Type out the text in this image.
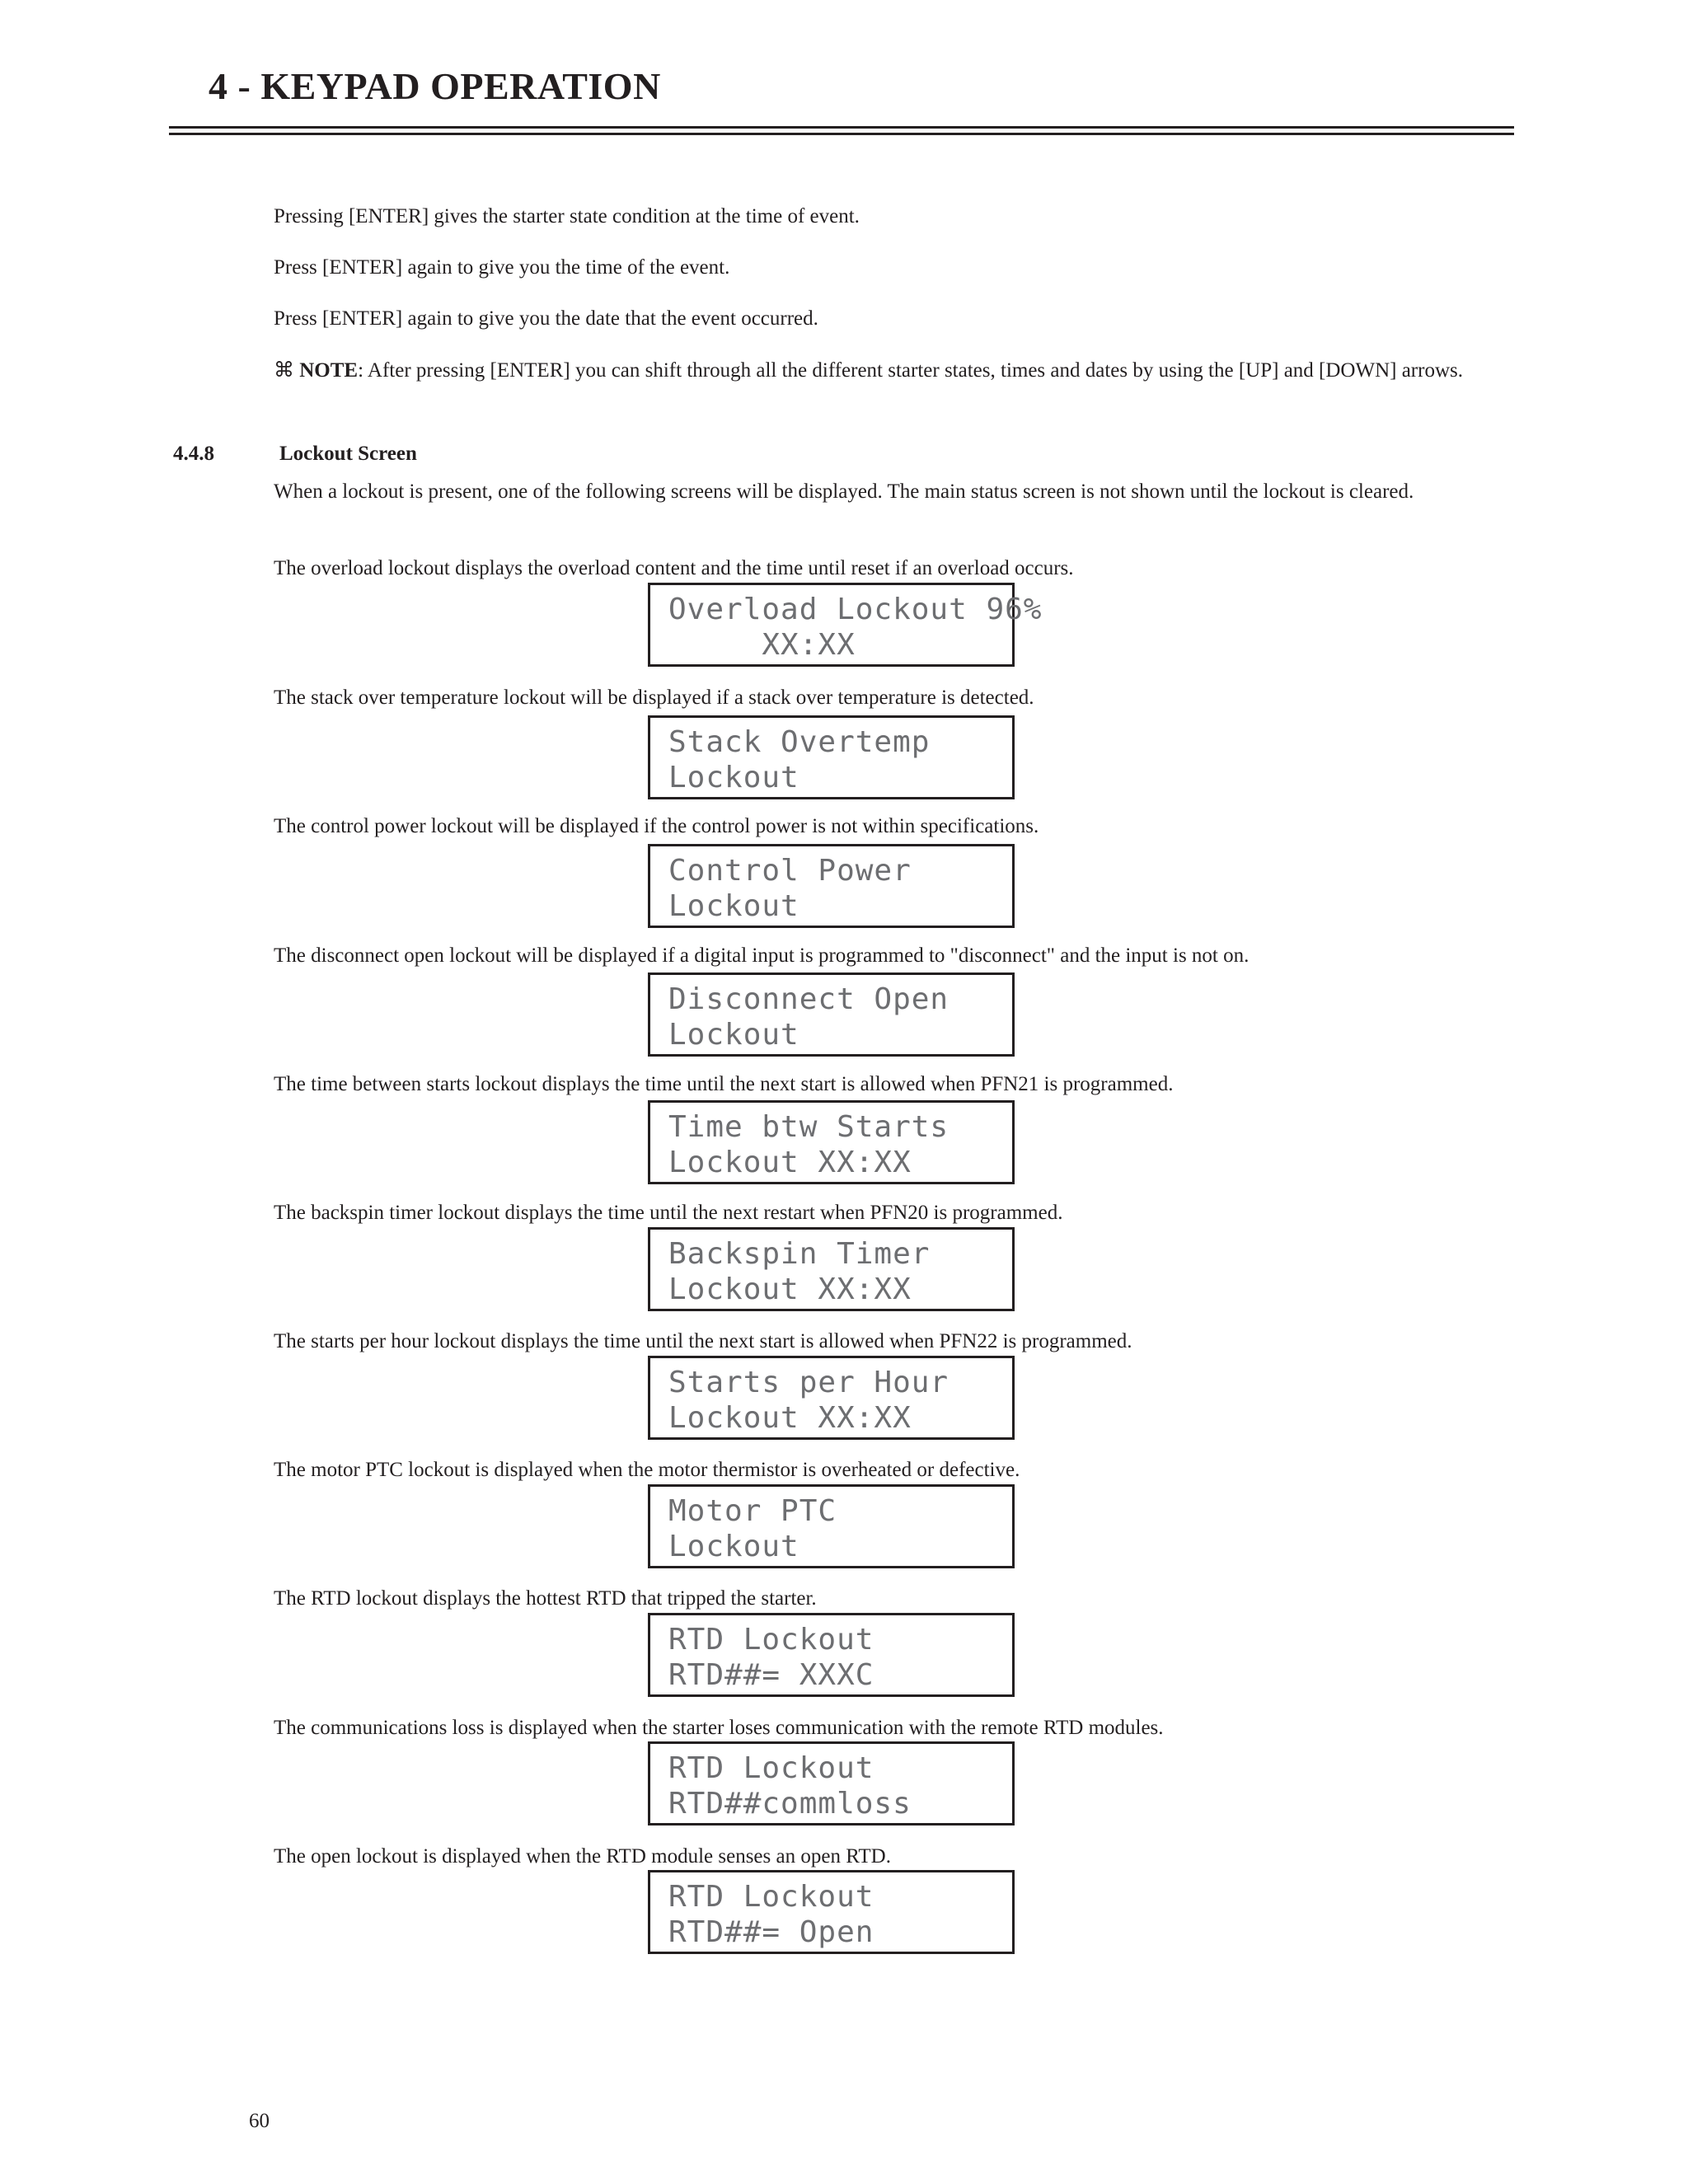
4 - KEYPAD OPERATION

Pressing [ENTER] gives the starter state condition at the time of event.

Press [ENTER] again to give you the time of the event.

Press [ENTER] again to give you the date that the event occurred.

⌘ NOTE: After pressing [ENTER] you can shift through all the different starter states, times and dates by using the [UP] and [DOWN] arrows.

4.4.8	Lockout Screen

When a lockout is present, one of the following screens will be displayed. The main status screen is not shown until the lockout is cleared.

The overload lockout displays the overload content and the time until reset if an overload occurs.

Overload Lockout 96%
XX:XX

The stack over temperature lockout will be displayed if a stack over temperature is detected.

Stack Overtemp
Lockout

The control power lockout will be displayed if the control power is not within specifications.

Control Power
Lockout

The disconnect open lockout will be displayed if a digital input is programmed to "disconnect" and the input is not on.

Disconnect Open
Lockout

The time between starts lockout displays the time until the next start is allowed when PFN21 is programmed.

Time btw Starts
Lockout XX:XX

The backspin timer lockout displays the time until the next restart when PFN20 is programmed.

Backspin Timer
Lockout XX:XX

The starts per hour lockout displays the time until the next start is allowed when PFN22 is programmed.

Starts per Hour
Lockout XX:XX

The motor PTC lockout is displayed when the motor thermistor is overheated or defective.

Motor PTC
Lockout

The RTD lockout displays the hottest RTD that tripped the starter.

RTD Lockout
RTD##= XXXC

The communications loss is displayed when the starter loses communication with the remote RTD modules.

RTD Lockout
RTD##commloss

The open lockout is displayed when the RTD module senses an open RTD.

RTD Lockout
RTD##= Open

60
